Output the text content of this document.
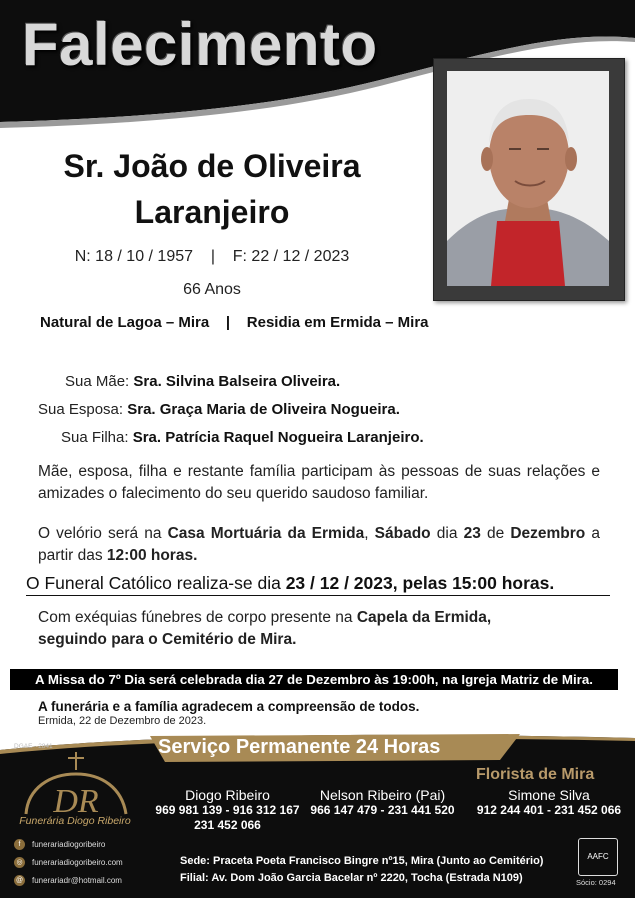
Falecimento
Sr. João de Oliveira
Laranjeiro
N: 18 / 10 / 1957 | F: 22 / 12 / 2023
66 Anos
Natural de Lagoa – Mira | Residia em Ermida – Mira
Sua Mãe: Sra. Silvina Balseira Oliveira.
Sua Esposa: Sra. Graça Maria de Oliveira Nogueira.
Sua Filha: Sra. Patrícia Raquel Nogueira Laranjeiro.
Mãe, esposa, filha e restante família participam às pessoas de suas relações e amizades o falecimento do seu querido saudoso familiar.
O velório será na Casa Mortuária da Ermida, Sábado dia 23 de Dezembro a partir das 12:00 horas.
O Funeral Católico realiza-se dia 23 / 12 / 2023, pelas 15:00 horas.
Com exéquias fúnebres de corpo presente na Capela da Ermida,
seguindo para o Cemitério de Mira.
A Missa do 7º Dia será celebrada dia 27 de Dezembro às 19:00h, na Igreja Matriz de Mira.
A funerária e a família agradecem a compreensão de todos.
Ermida, 22 de Dezembro de 2023.
DGAE - 2841	Serviço Permanente 24 Horas
DR
Funerária Diogo Ribeiro
f	funerariadiogoribeiro
◎	funerariadiogoribeiro.com
@ funerariadr@hotmail.com
Diogo Ribeiro
969 981 139 - 916 312 167
231 452 066
Nelson Ribeiro (Pai)
966 147 479 - 231 441 520
Florista de Mira
Simone Silva
912 244 401 - 231 452 066
Sede: Praceta Poeta Francisco Bingre nº15, Mira (Junto ao Cemitério)
Filial: Av. Dom João Garcia Bacelar nº 2220, Tocha (Estrada N109)
AAFC
Sócio: 0294
